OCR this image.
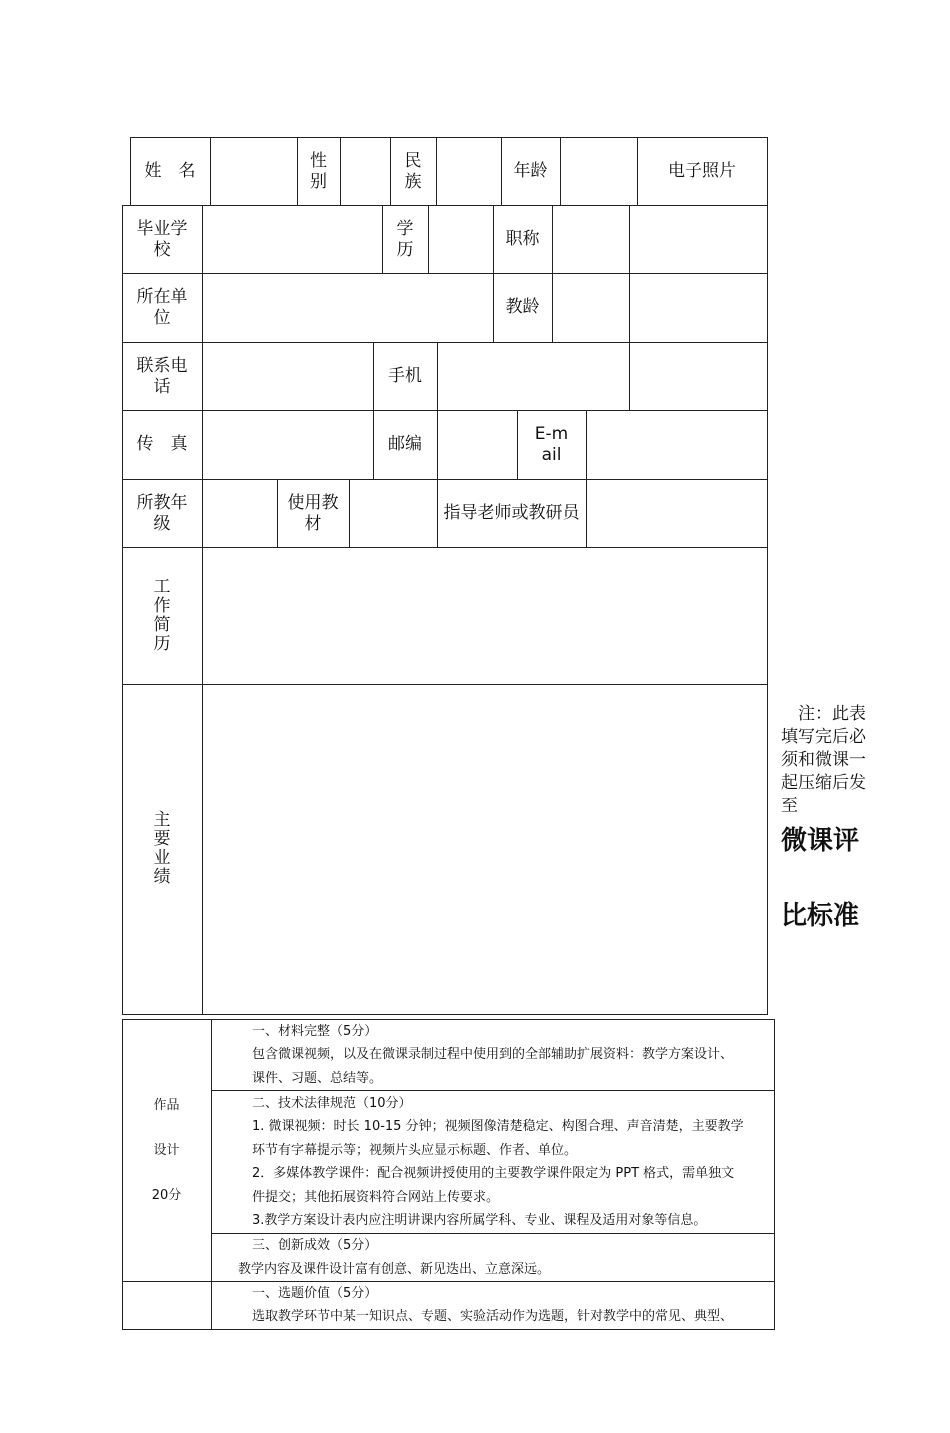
姓　名
性别
民族
年龄	电子照片
毕业学校
学历
职称
所在单位
教龄
联系电话
手机
传　真	邮编
E-mail
所教年级
使用教材
指导老师或教研员
工作简历
主要业绩
　注：此表填写完后必须和微课一起压缩后发至
微课评
比标准
作品
设计
20分
一、材料完整（5分）
包含微课视频，以及在微课录制过程中使用到的全部辅助扩展资料：教学方案设计、
课件、习题、总结等。
二、技术法律规范（10分）
1. 微课视频：时长 10-15 分钟；视频图像清楚稳定、构图合理、声音清楚，主要教学
环节有字幕提示等；视频片头应显示标题、作者、单位。
2．多媒体教学课件：配合视频讲授使用的主要教学课件限定为 PPT 格式，需单独文
件提交；其他拓展资料符合网站上传要求。
3.教学方案设计表内应注明讲课内容所属学科、专业、课程及适用对象等信息。
三、创新成效（5分）
教学内容及课件设计富有创意、新见迭出、立意深远。
一、选题价值（5分）
选取教学环节中某一知识点、专题、实验活动作为选题，针对教学中的常见、典型、
